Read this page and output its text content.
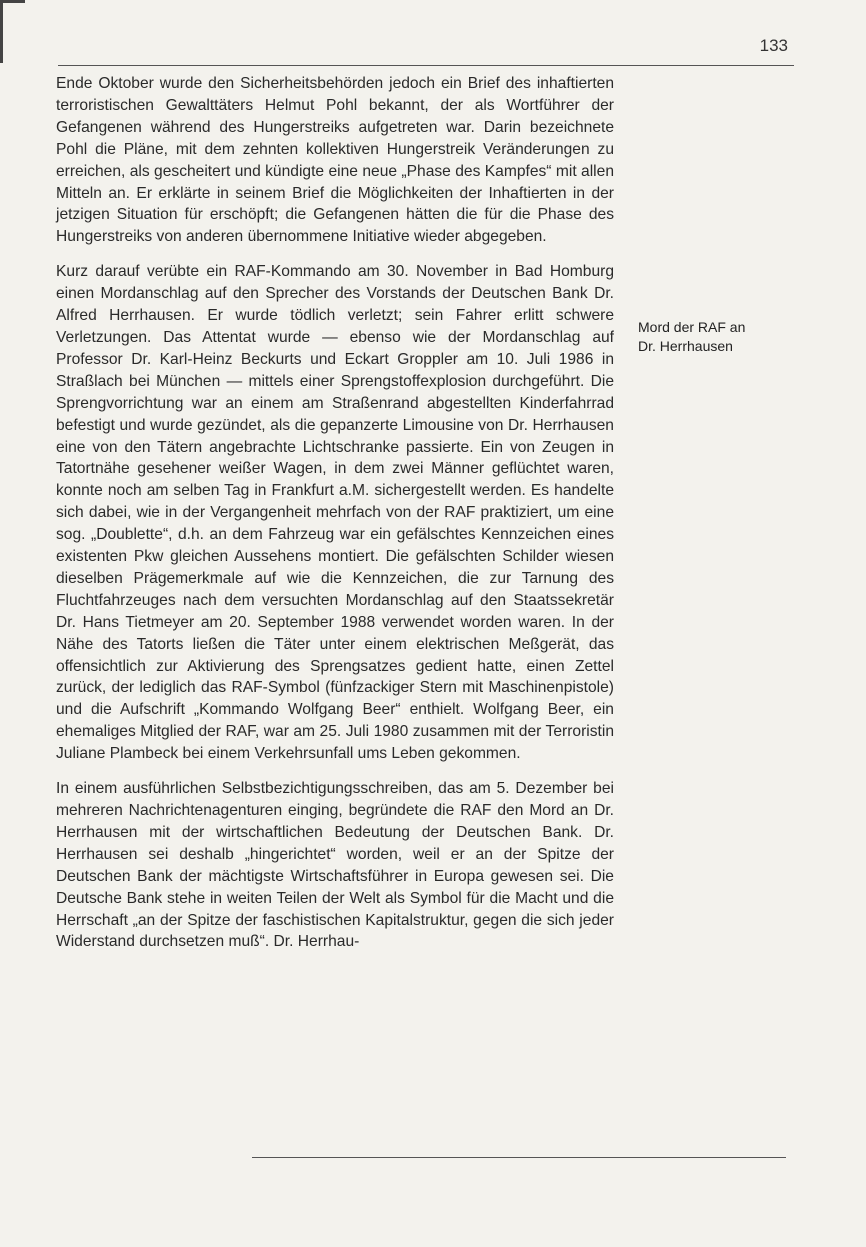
133

Ende Oktober wurde den Sicherheitsbehörden jedoch ein Brief des inhaftierten terroristischen Gewalttäters Helmut Pohl bekannt, der als Wortführer der Gefangenen während des Hungerstreiks aufgetreten war. Darin bezeichnete Pohl die Pläne, mit dem zehnten kollektiven Hungerstreik Veränderungen zu erreichen, als gescheitert und kündigte eine neue „Phase des Kampfes“ mit allen Mitteln an. Er erklärte in seinem Brief die Möglichkeiten der Inhaftierten in der jetzigen Situation für erschöpft; die Gefangenen hätten die für die Phase des Hungerstreiks von anderen übernommene Initiative wieder abgegeben.

Kurz darauf verübte ein RAF-Kommando am 30. November in Bad Homburg einen Mordanschlag auf den Sprecher des Vorstands der Deutschen Bank Dr. Alfred Herrhausen. Er wurde tödlich verletzt; sein Fahrer erlitt schwere Verletzungen. Das Attentat wurde — ebenso wie der Mordanschlag auf Professor Dr. Karl-Heinz Beckurts und Eckart Groppler am 10. Juli 1986 in Straßlach bei München — mittels einer Sprengstoffexplosion durchgeführt. Die Sprengvorrichtung war an einem am Straßenrand abgestellten Kinderfahrrad befestigt und wurde gezündet, als die gepanzerte Limousine von Dr. Herrhausen eine von den Tätern angebrachte Lichtschranke passierte. Ein von Zeugen in Tatortnähe gesehener weißer Wagen, in dem zwei Männer geflüchtet waren, konnte noch am selben Tag in Frankfurt a.M. sichergestellt werden. Es handelte sich dabei, wie in der Vergangenheit mehrfach von der RAF praktiziert, um eine sog. „Doublette“, d.h. an dem Fahrzeug war ein gefälschtes Kennzeichen eines existenten Pkw gleichen Aussehens montiert. Die gefälschten Schilder wiesen dieselben Prägemerkmale auf wie die Kennzeichen, die zur Tarnung des Fluchtfahrzeuges nach dem versuchten Mordanschlag auf den Staatssekretär Dr. Hans Tietmeyer am 20. September 1988 verwendet worden waren. In der Nähe des Tatorts ließen die Täter unter einem elektrischen Meßgerät, das offensichtlich zur Aktivierung des Sprengsatzes gedient hatte, einen Zettel zurück, der lediglich das RAF-Symbol (fünfzackiger Stern mit Maschinenpistole) und die Aufschrift „Kommando Wolfgang Beer“ enthielt. Wolfgang Beer, ein ehemaliges Mitglied der RAF, war am 25. Juli 1980 zusammen mit der Terroristin Juliane Plambeck bei einem Verkehrsunfall ums Leben gekommen.

In einem ausführlichen Selbstbezichtigungsschreiben, das am 5. Dezember bei mehreren Nachrichtenagenturen einging, begründete die RAF den Mord an Dr. Herrhausen mit der wirtschaftlichen Bedeutung der Deutschen Bank. Dr. Herrhausen sei deshalb „hingerichtet“ worden, weil er an der Spitze der Deutschen Bank der mächtigste Wirtschaftsführer in Europa gewesen sei. Die Deutsche Bank stehe in weiten Teilen der Welt als Symbol für die Macht und die Herrschaft „an der Spitze der faschistischen Kapitalstruktur, gegen die sich jeder Widerstand durchsetzen muß“. Dr. Herrhau-

Mord der RAF an
Dr. Herrhausen
